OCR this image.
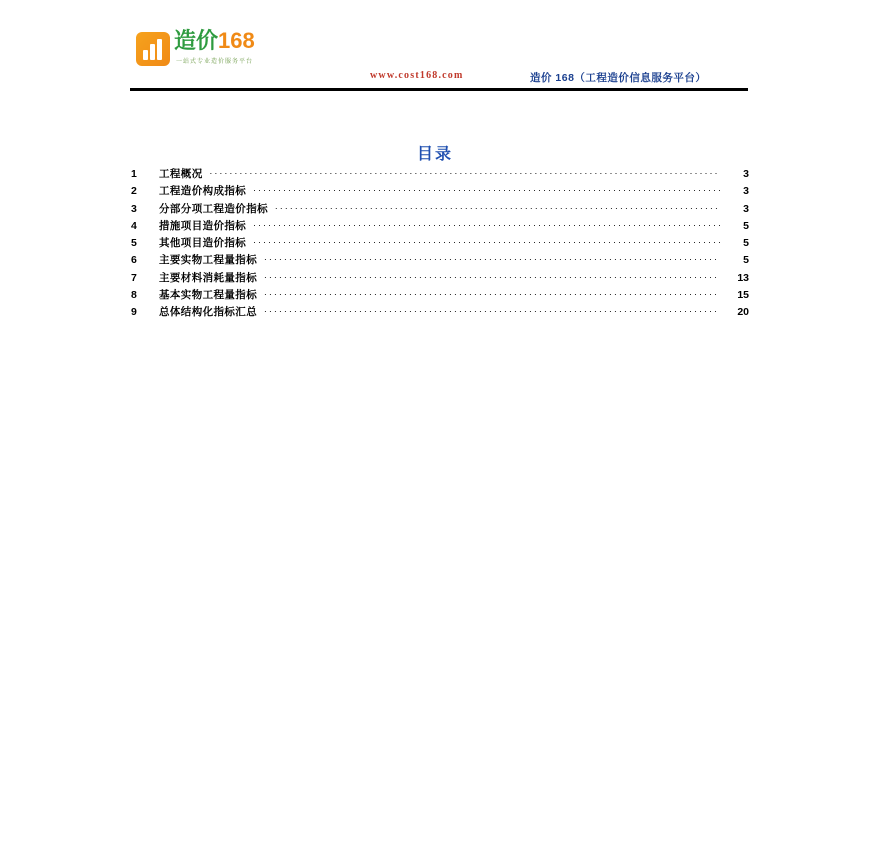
造价168
一站式专业造价服务平台
www.cost168.com	造价 168（工程造价信息服务平台）
目录
1	工程概况 . . .	3
2	工程造价构成指标 . . .	3
3	分部分项工程造价指标 . . .	3
4	措施项目造价指标 . . .	5
5	其他项目造价指标 . . .	5
6	主要实物工程量指标 . . .	5
7	主要材料消耗量指标 . . .	13
8	基本实物工程量指标 . . .	15
9	总体结构化指标汇总 . . .	20
